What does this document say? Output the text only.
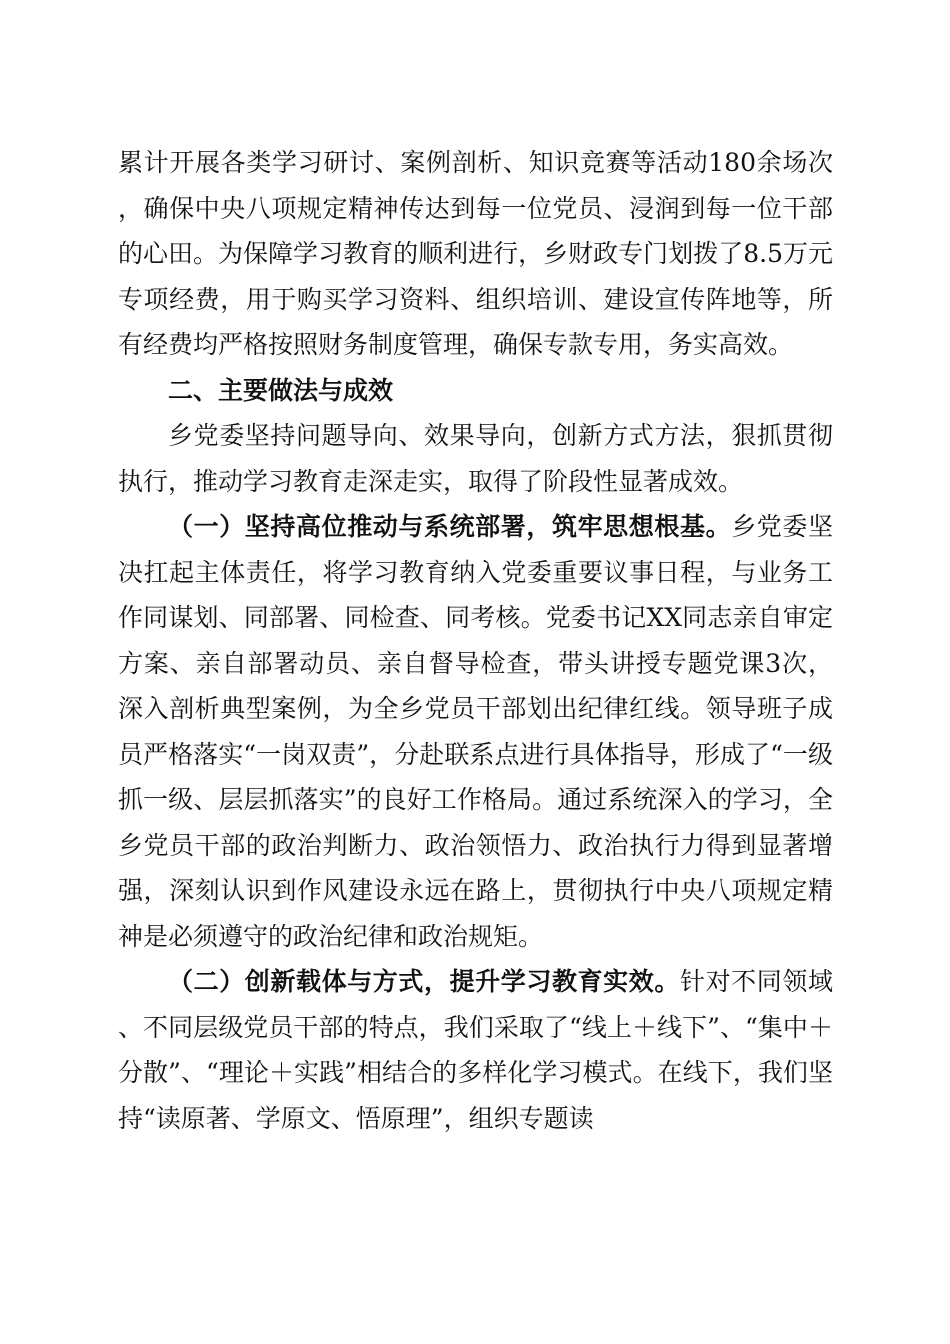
累计开展各类学习研讨、案例剖析、知识竞赛等活动180余场次，确保中央八项规定精神传达到每一位党员、浸润到每一位干部的心田。为保障学习教育的顺利进行，乡财政专门划拨了8.5万元专项经费，用于购买学习资料、组织培训、建设宣传阵地等，所有经费均严格按照财务制度管理，确保专款专用，务实高效。

二、主要做法与成效

乡党委坚持问题导向、效果导向，创新方式方法，狠抓贯彻执行，推动学习教育走深走实，取得了阶段性显著成效。

（一）坚持高位推动与系统部署，筑牢思想根基。乡党委坚决扛起主体责任，将学习教育纳入党委重要议事日程，与业务工作同谋划、同部署、同检查、同考核。党委书记XX同志亲自审定方案、亲自部署动员、亲自督导检查，带头讲授专题党课3次，深入剖析典型案例，为全乡党员干部划出纪律红线。领导班子成员严格落实“一岗双责”，分赴联系点进行具体指导，形成了“一级抓一级、层层抓落实”的良好工作格局。通过系统深入的学习，全乡党员干部的政治判断力、政治领悟力、政治执行力得到显著增强，深刻认识到作风建设永远在路上，贯彻执行中央八项规定精神是必须遵守的政治纪律和政治规矩。

（二）创新载体与方式，提升学习教育实效。针对不同领域、不同层级党员干部的特点，我们采取了“线上＋线下”、“集中＋分散”、“理论＋实践”相结合的多样化学习模式。在线下，我们坚持“读原著、学原文、悟原理”，组织专题读
